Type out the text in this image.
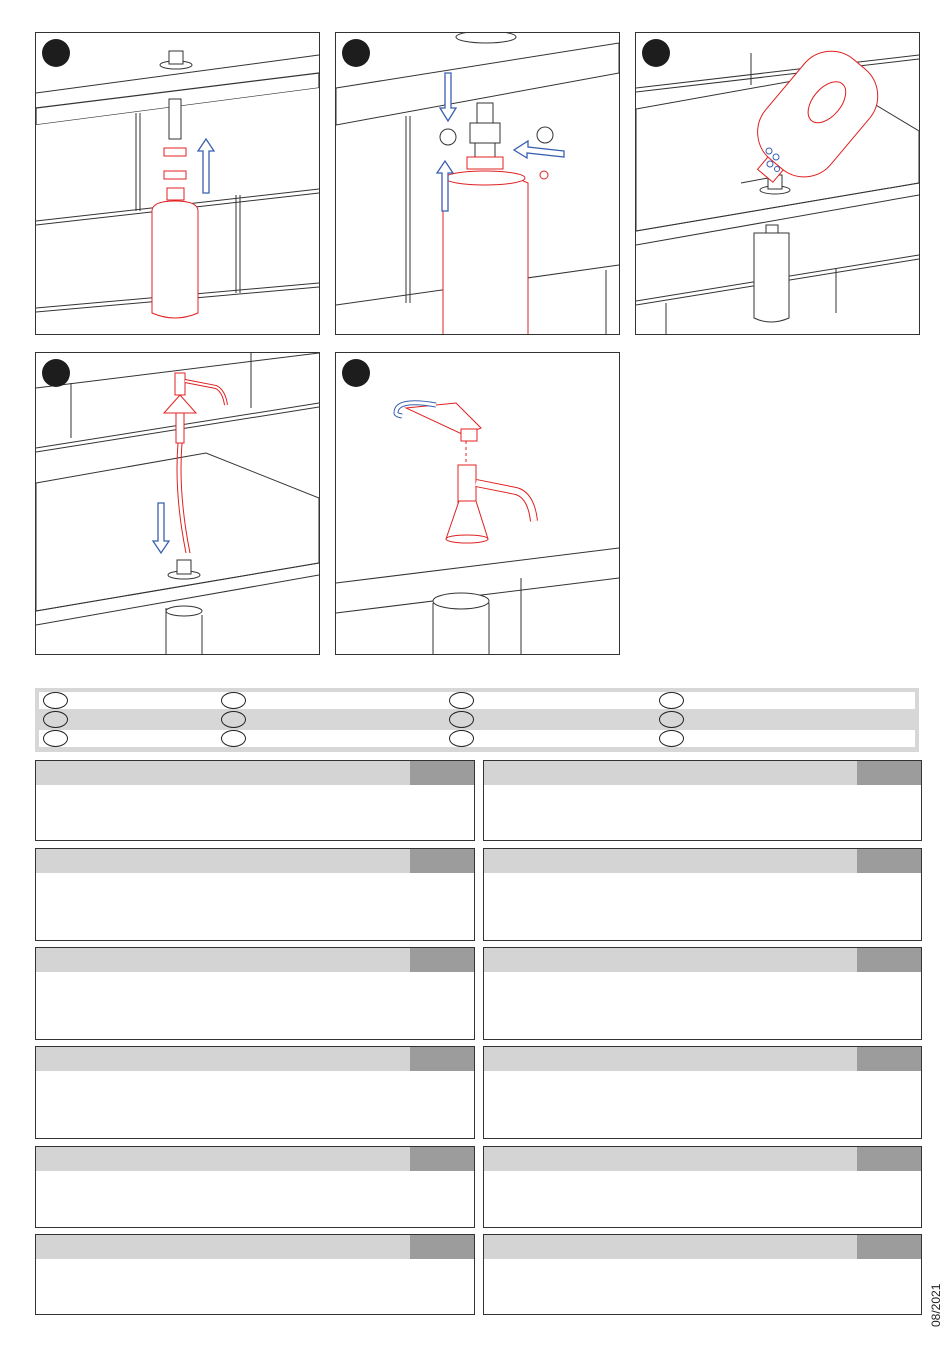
08/2021
